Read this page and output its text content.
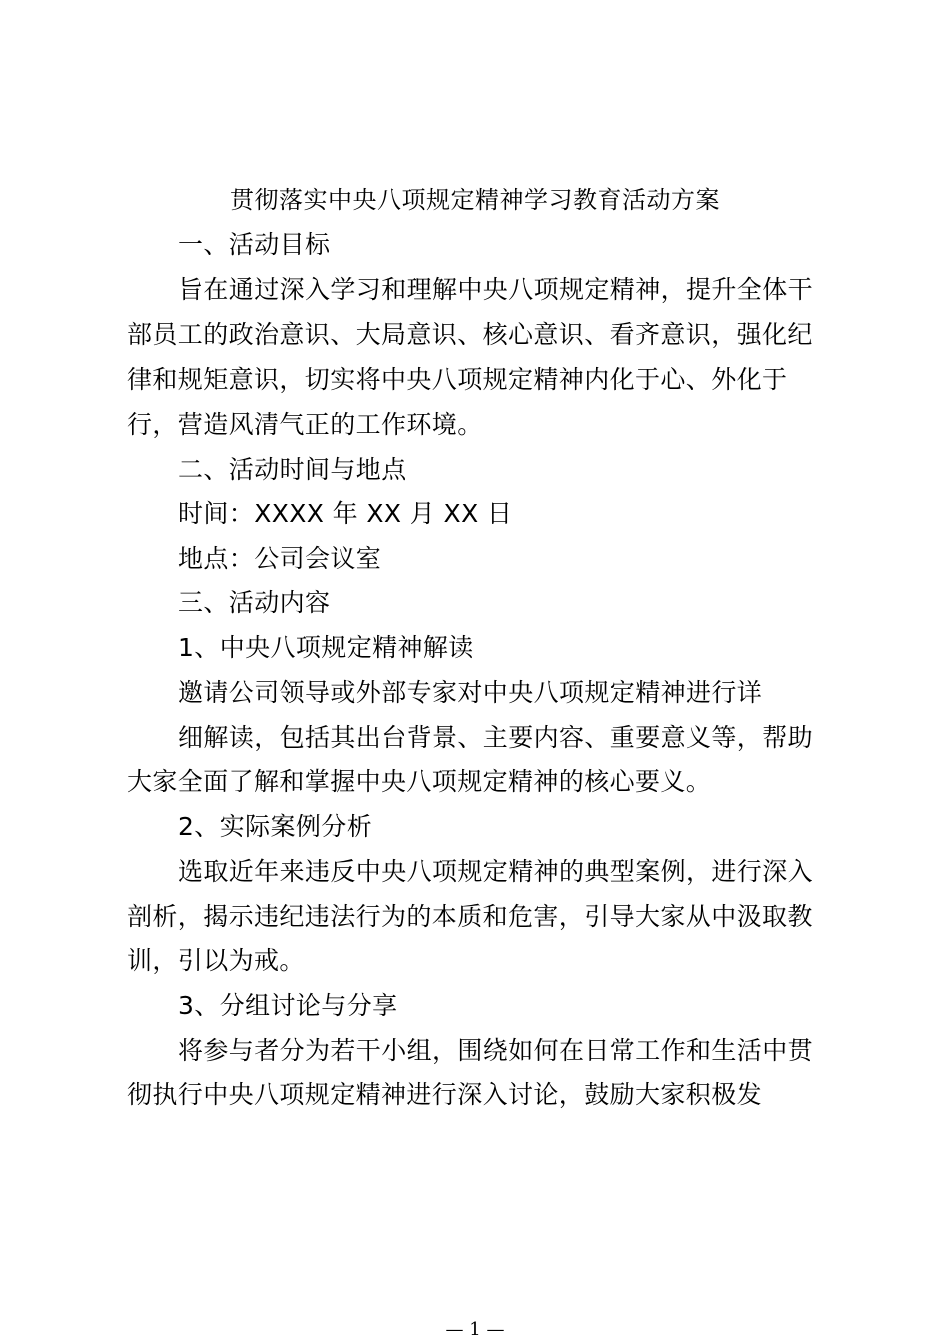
贯彻落实中央八项规定精神学习教育活动方案
一、活动目标
旨在通过深入学习和理解中央八项规定精神，提升全体干
部员工的政治意识、大局意识、核心意识、看齐意识，强化纪
律和规矩意识，切实将中央八项规定精神内化于心、外化于
行，营造风清气正的工作环境。
二、活动时间与地点
时间：XXXX 年 XX 月 XX 日
地点：公司会议室
三、活动内容
1、中央八项规定精神解读
邀请公司领导或外部专家对中央八项规定精神进行详
细解读，包括其出台背景、主要内容、重要意义等，帮助
大家全面了解和掌握中央八项规定精神的核心要义。
2、实际案例分析
选取近年来违反中央八项规定精神的典型案例，进行深入
剖析，揭示违纪违法行为的本质和危害，引导大家从中汲取教
训，引以为戒。
3、分组讨论与分享
将参与者分为若干小组，围绕如何在日常工作和生活中贯
彻执行中央八项规定精神进行深入讨论，鼓励大家积极发
— 1 —
